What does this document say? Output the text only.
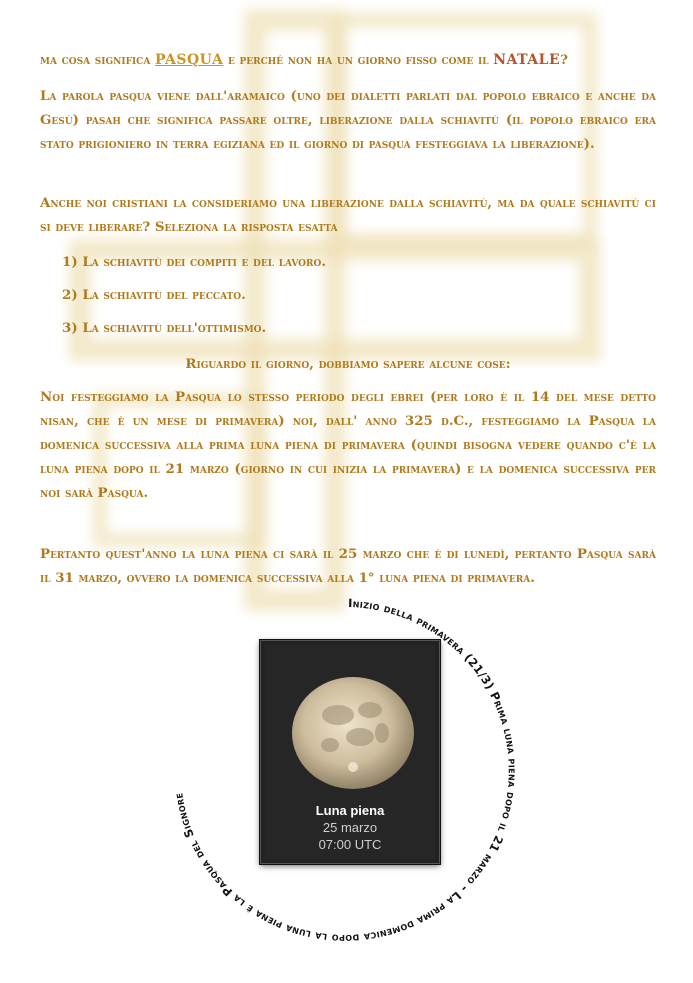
ma cosa significa PASQUA e perché non ha un giorno fisso come il NATALE?

La parola pasqua viene dall'aramaico (uno dei dialetti parlati dal popolo ebraico e anche da Gesù) pasah che significa passare oltre, liberazione dalla schiavitù (il popolo ebraico era stato prigioniero in terra egiziana ed il giorno di pasqua festeggiava la liberazione).

Anche noi cristiani la consideriamo una liberazione dalla schiavitù, ma da quale schiavitù ci si deve liberare? Seleziona la risposta esatta

1) La schiavitù dei compiti e del lavoro.
2) La schiavitù del peccato.
3) La schiavitù dell'ottimismo.

Riguardo il giorno, dobbiamo sapere alcune cose:

Noi festeggiamo la Pasqua lo stesso periodo degli ebrei (per loro è il 14 del mese detto nisan, che è un mese di primavera) noi, dall' anno 325 d.C., festeggiamo la Pasqua la domenica successiva alla prima luna piena di primavera (quindi bisogna vedere quando c'è la luna piena dopo il 21 marzo (giorno in cui inizia la primavera) e la domenica successiva per noi sarà Pasqua.

Pertanto quest'anno la luna piena ci sarà il 25 marzo che è di lunedì, pertanto Pasqua sarà il 31 marzo, ovvero la domenica successiva alla 1° luna piena di primavera.

Luna piena
25 marzo
07:00 UTC
Inizio della primavera (21/3) Prima luna piena dopo il 21 marzo - La prima domenica dopo la luna piena è la Pasqua del Signore
